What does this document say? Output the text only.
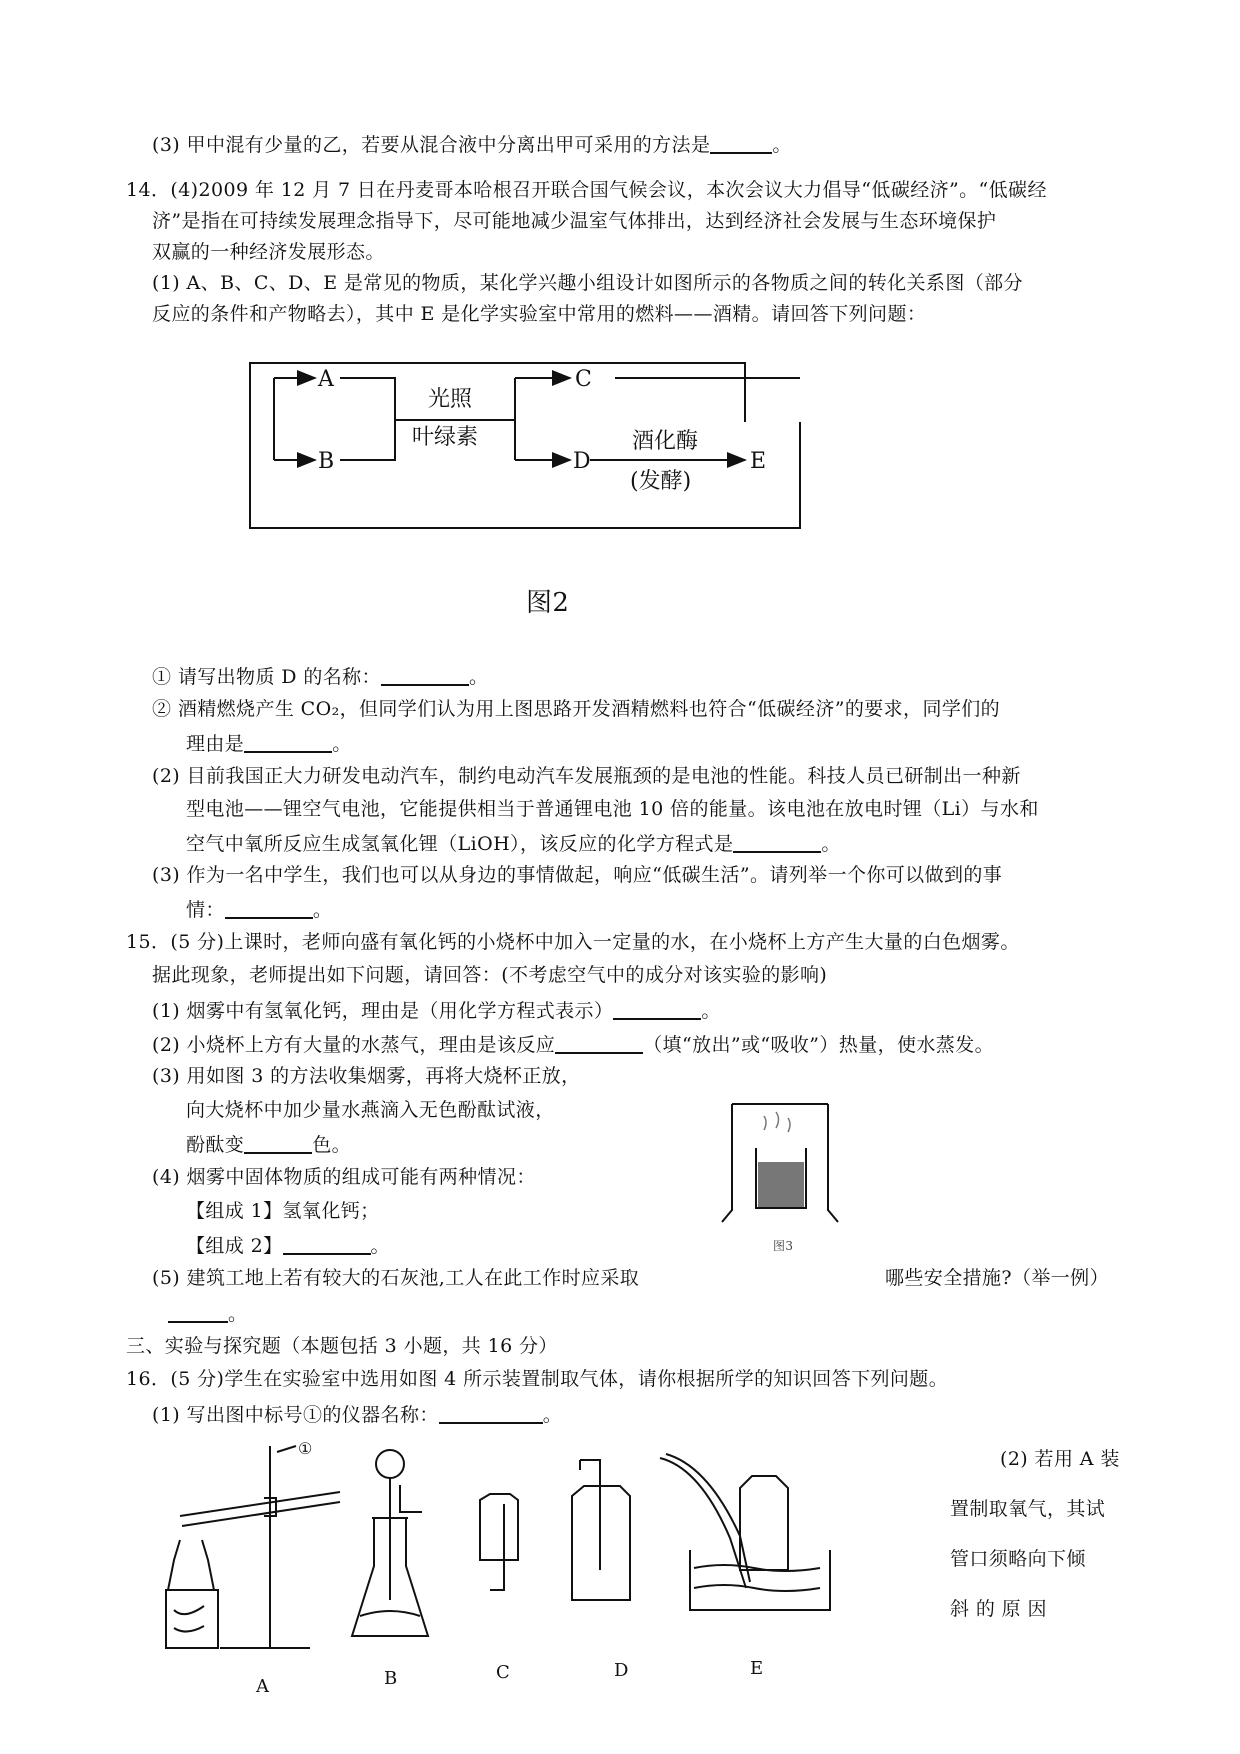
(3) 甲中混有少量的乙，若要从混合液中分离出甲可采用的方法是	。
14．(4)2009 年 12 月 7 日在丹麦哥本哈根召开联合国气候会议，本次会议大力倡导“低碳经济”。“低碳经
济”是指在可持续发展理念指导下，尽可能地减少温室气体排出，达到经济社会发展与生态环境保护
双赢的一种经济发展形态。
(1) A、B、C、D、E 是常见的物质，某化学兴趣小组设计如图所示的各物质之间的转化关系图（部分
反应的条件和产物略去），其中 E 是化学实验室中常用的燃料——酒精。请回答下列问题：
A
B
光照
叶绿素
C
D
酒化酶
(发酵)
E
图2
① 请写出物质 D 的名称：	。
② 酒精燃烧产生 CO₂，但同学们认为用上图思路开发酒精燃料也符合“低碳经济”的要求，同学们的
理由是	。
(2) 目前我国正大力研发电动汽车，制约电动汽车发展瓶颈的是电池的性能。科技人员已研制出一种新
型电池——锂空气电池，它能提供相当于普通锂电池 10 倍的能量。该电池在放电时锂（Li）与水和
空气中氧所反应生成氢氧化锂（LiOH），该反应的化学方程式是	。
(3) 作为一名中学生，我们也可以从身边的事情做起，响应“低碳生活”。请列举一个你可以做到的事
情：	。
15．(5 分)上课时，老师向盛有氧化钙的小烧杯中加入一定量的水，在小烧杯上方产生大量的白色烟雾。
据此现象，老师提出如下问题，请回答：(不考虑空气中的成分对该实验的影响)
(1) 烟雾中有氢氧化钙，理由是（用化学方程式表示）	。
(2) 小烧杯上方有大量的水蒸气，理由是该反应	（填“放出”或“吸收”）热量，使水蒸发。
(3) 用如图 3 的方法收集烟雾，再将大烧杯正放，
向大烧杯中加少量水燕滴入无色酚酞试液，
酚酞变	色。
(4) 烟雾中固体物质的组成可能有两种情况：
【组成 1】氢氧化钙；
【组成 2】	。	图3
(5) 建筑工地上若有较大的石灰池,工人在此工作时应采取	哪些安全措施?（举一例）
。
三、实验与探究题（本题包括 3 小题，共 16 分）
16．(5 分)学生在实验室中选用如图 4 所示装置制取气体，请你根据所学的知识回答下列问题。
(1) 写出图中标号①的仪器名称：	。
(2) 若用 A 装
置制取氧气，其试
管口须略向下倾
斜 的 原 因
①
A	B	C	D	E
